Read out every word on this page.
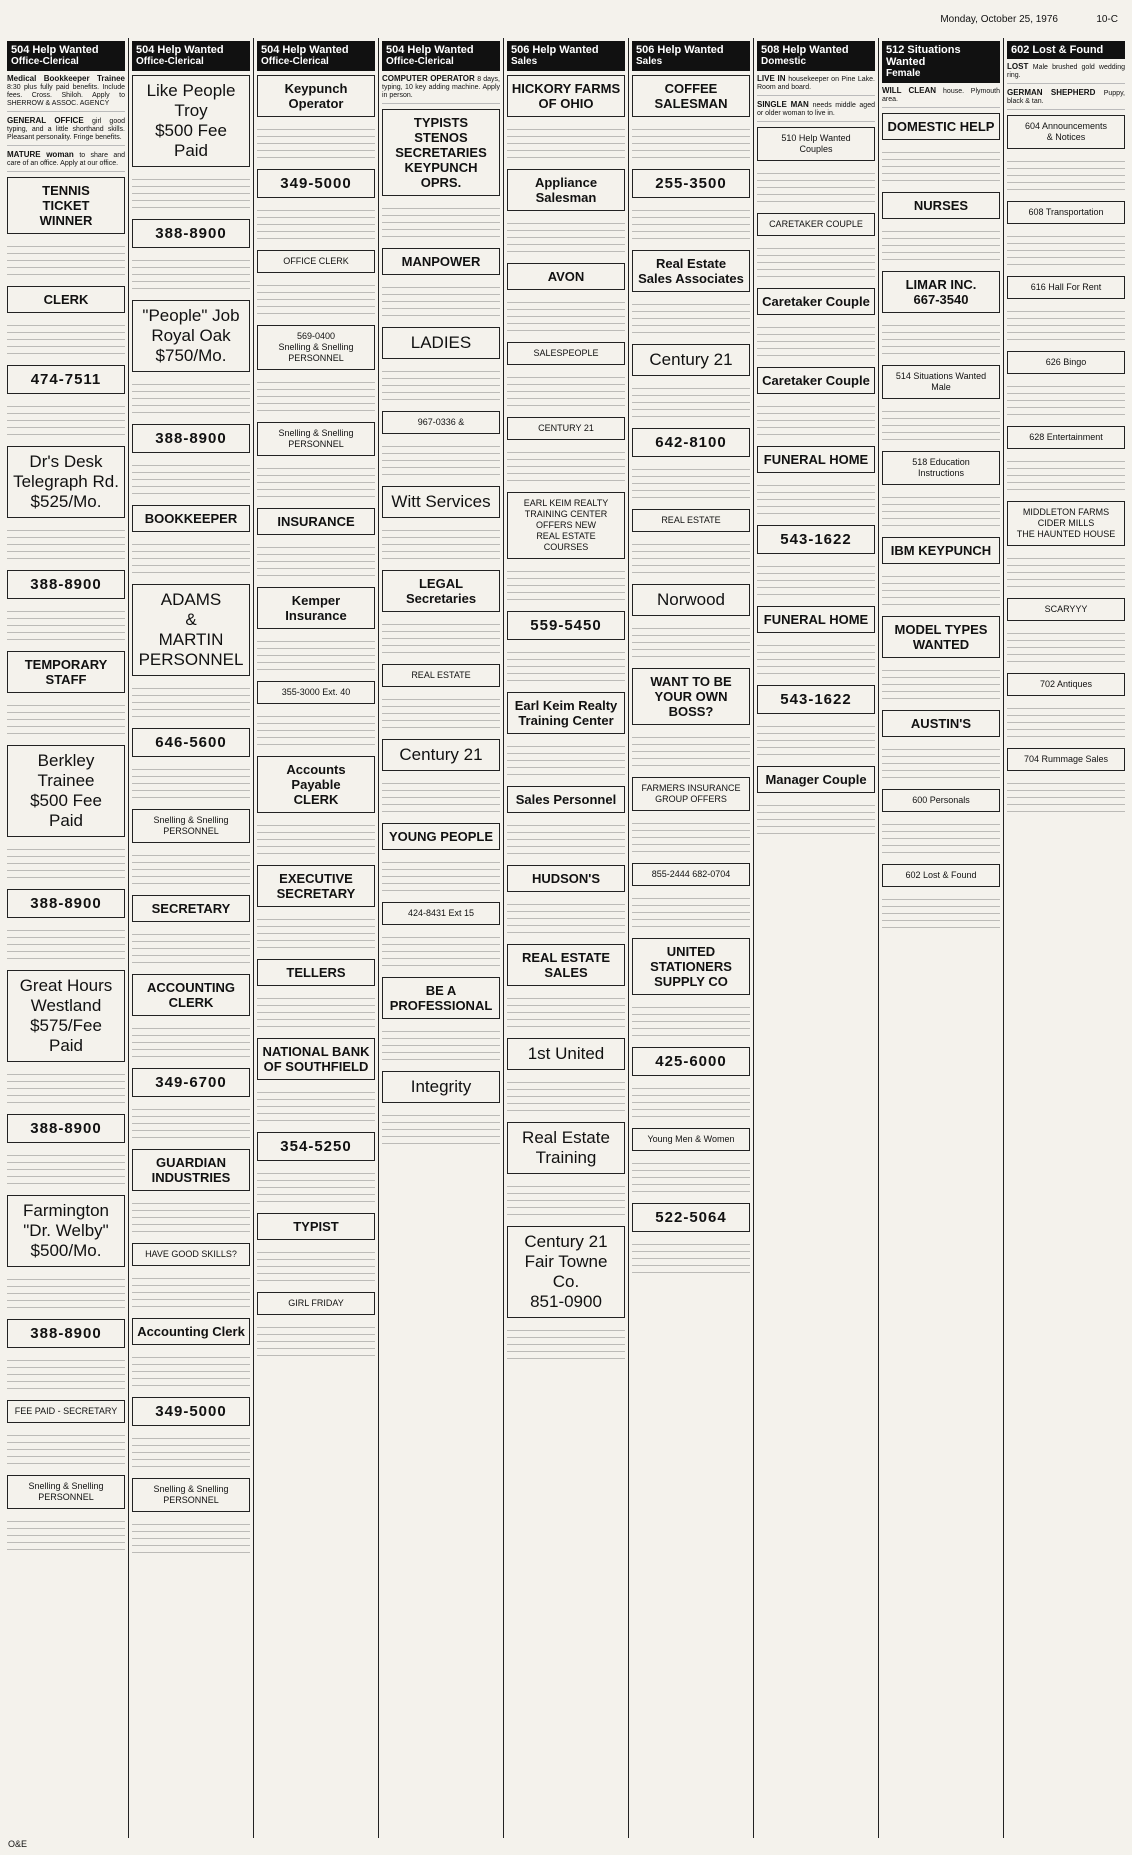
Monday, October 25, 1976	10-C
504 Help Wanted
Office-Clerical
Medical Bookkeeper Trainee 8:30 plus fully paid benefits. Include fees. Cross. Shiloh. Apply to SHERROW & ASSOC. AGENCY
GENERAL OFFICE girl good typing, and a little shorthand skills. Pleasant personality. Fringe benefits.
MATURE woman to share and care of an office. Apply at our office.
TENNIS
TICKET
WINNER
CLERK
474-7511
Dr's Desk
Telegraph Rd.
$525/Mo.
388-8900
TEMPORARY STAFF
Berkley
Trainee
$500 Fee Paid
388-8900
Great Hours
Westland
$575/Fee Paid
388-8900
Farmington
"Dr. Welby"
$500/Mo.
388-8900
FEE PAID - SECRETARY
Snelling & Snelling
PERSONNEL
504 Help Wanted
Office-Clerical
Like People
Troy
$500 Fee Paid
388-8900
"People" Job
Royal Oak
$750/Mo.
388-8900
BOOKKEEPER
ADAMS
&
MARTIN
PERSONNEL
646-5600
Snelling & Snelling
PERSONNEL
SECRETARY
ACCOUNTING
CLERK
349-6700
GUARDIAN
INDUSTRIES
HAVE GOOD SKILLS?
Accounting Clerk
349-5000
Snelling & Snelling
PERSONNEL
504 Help Wanted
Office-Clerical
Keypunch Operator
349-5000
OFFICE CLERK
569-0400
Snelling & Snelling
PERSONNEL
Snelling & Snelling
PERSONNEL
INSURANCE
Kemper Insurance
355-3000 Ext. 40
Accounts Payable
CLERK
EXECUTIVE
SECRETARY
TELLERS
NATIONAL BANK
OF SOUTHFIELD
354-5250
TYPIST
GIRL FRIDAY
504 Help Wanted
Office-Clerical
COMPUTER OPERATOR 8 days, typing, 10 key adding machine. Apply in person.
TYPISTS
STENOS
SECRETARIES
KEYPUNCH OPRS.
MANPOWER
LADIES
967-0336 &
Witt Services
LEGAL
Secretaries
REAL ESTATE
Century 21
YOUNG PEOPLE
424-8431 Ext 15
BE A
PROFESSIONAL
Integrity
506 Help Wanted
Sales
HICKORY FARMS
OF OHIO
Appliance Salesman
AVON
SALESPEOPLE
CENTURY 21
EARL KEIM REALTY
TRAINING CENTER
OFFERS NEW
REAL ESTATE
COURSES
559-5450
Earl Keim Realty
Training Center
Sales Personnel
HUDSON'S
REAL ESTATE
SALES
1st United
Real Estate
Training
Century 21
Fair Towne Co.
851-0900
506 Help Wanted
Sales
COFFEE
SALESMAN
255-3500
Real Estate
Sales Associates
Century 21
642-8100
REAL ESTATE
Norwood
WANT TO BE
YOUR OWN BOSS?
FARMERS INSURANCE
GROUP OFFERS
855-2444 682-0704
UNITED
STATIONERS
SUPPLY CO
425-6000
Young Men & Women
522-5064
508 Help Wanted
Domestic
LIVE IN housekeeper on Pine Lake. Room and board.
SINGLE MAN needs middle aged or older woman to live in.
510 Help Wanted
Couples
CARETAKER COUPLE
Caretaker Couple
Caretaker Couple
FUNERAL HOME
543-1622
FUNERAL HOME
543-1622
Manager Couple
512 Situations Wanted
Female
WILL CLEAN house. Plymouth area.
DOMESTIC HELP
NURSES
LIMAR INC.
667-3540
514 Situations Wanted
Male
518 Education
Instructions
IBM KEYPUNCH
MODEL TYPES
WANTED
AUSTIN'S
600 Personals
602 Lost & Found
602 Lost & Found
LOST Male brushed gold wedding ring.
GERMAN SHEPHERD Puppy, black & tan.
604 Announcements
& Notices
608 Transportation
616 Hall For Rent
626 Bingo
628 Entertainment
MIDDLETON FARMS
CIDER MILLS
THE HAUNTED HOUSE
SCARYYY
702 Antiques
704 Rummage Sales
O&E
